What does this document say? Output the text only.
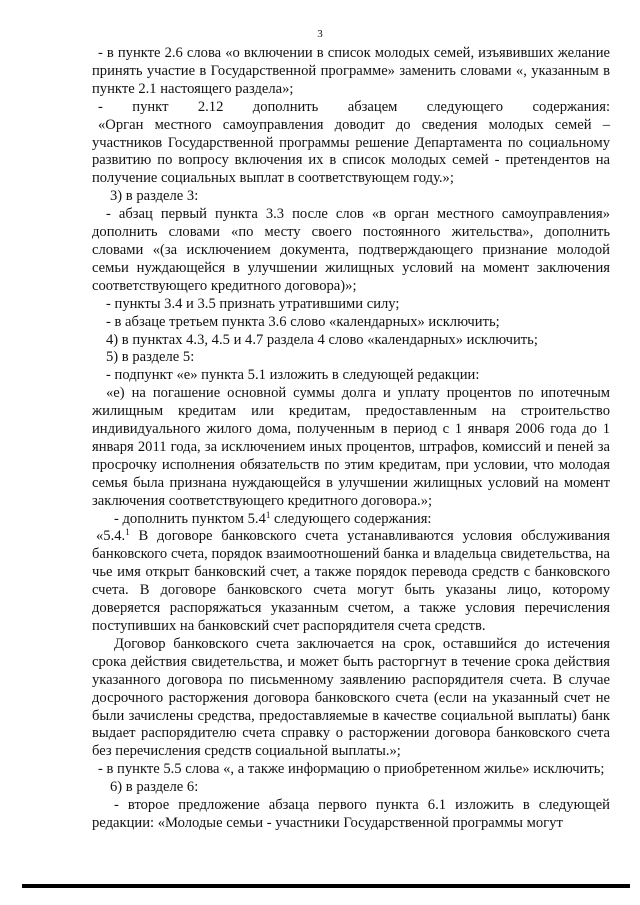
3

- в пункте 2.6 слова «о включении в список молодых семей, изъявивших желание принять участие в Государственной программе» заменить словами «, указанным в пункте 2.1 настоящего раздела»;

- пункт 2.12 дополнить абзацем следующего содержания:

«Орган местного самоуправления доводит до сведения молодых семей – участников Государственной программы решение Департамента по социальному развитию по вопросу включения их в список молодых семей - претендентов на получение социальных выплат в соответствующем году.»;

3) в разделе 3:

- абзац первый пункта 3.3 после слов «в орган местного самоуправления» дополнить словами «по месту своего постоянного жительства», дополнить словами «(за исключением документа, подтверждающего признание молодой семьи нуждающейся в улучшении жилищных условий на момент заключения соответствующего кредитного договора)»;

- пункты 3.4 и 3.5 признать утратившими силу;

- в абзаце третьем пункта 3.6 слово «календарных» исключить;

4) в пунктах 4.3, 4.5 и 4.7 раздела 4 слово «календарных» исключить;

5) в разделе 5:

- подпункт «е» пункта 5.1 изложить в следующей редакции:

«е) на погашение основной суммы долга и уплату процентов по ипотечным жилищным кредитам или кредитам, предоставленным на строительство индивидуального жилого дома, полученным в период с 1 января 2006 года до 1 января 2011 года, за исключением иных процентов, штрафов, комиссий и пеней за просрочку исполнения обязательств по этим кредитам, при условии, что молодая семья была признана нуждающейся в улучшении жилищных условий на момент заключения соответствующего кредитного договора.»;

- дополнить пунктом $5.4^1$ следующего содержания:

«5.4.$^1$ В договоре банковского счета устанавливаются условия обслуживания банковского счета, порядок взаимоотношений банка и владельца свидетельства, на чье имя открыт банковский счет, а также порядок перевода средств с банковского счета. В договоре банковского счета могут быть указаны лицо, которому доверяется распоряжаться указанным счетом, а также условия перечисления поступивших на банковский счет распорядителя счета средств.

Договор банковского счета заключается на срок, оставшийся до истечения срока действия свидетельства, и может быть расторгнут в течение срока действия указанного договора по письменному заявлению распорядителя счета. В случае досрочного расторжения договора банковского счета (если на указанный счет не были зачислены средства, предоставляемые в качестве социальной выплаты) банк выдает распорядителю счета справку о расторжении договора банковского счета без перечисления средств социальной выплаты.»;

- в пункте 5.5 слова «, а также информацию о приобретенном жилье» исключить;

6) в разделе 6:

- второе предложение абзаца первого пункта 6.1 изложить в следующей редакции: «Молодые семьи - участники Государственной программы могут
